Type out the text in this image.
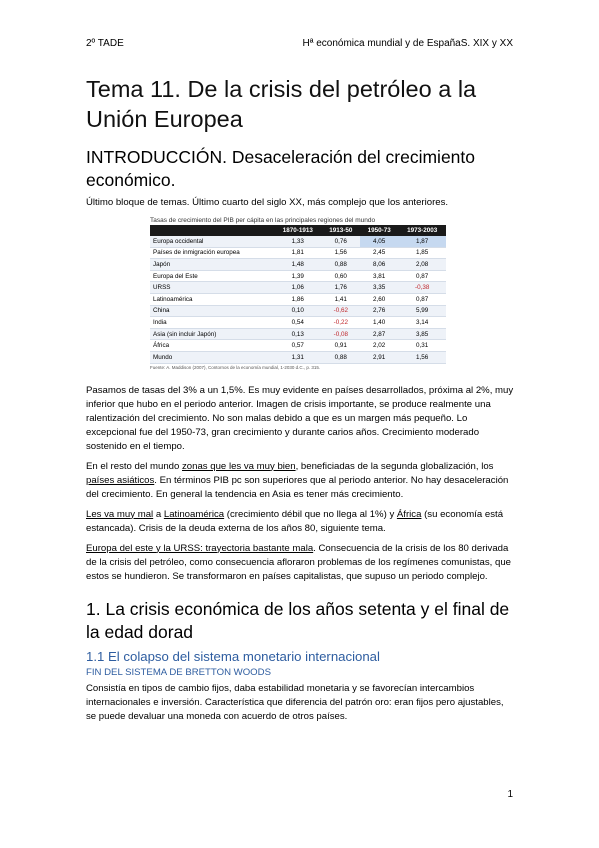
2º TADE	Hª económica mundial y de EspañaS. XIX y XX
Tema 11. De la crisis del petróleo a la Unión Europea
INTRODUCCIÓN. Desaceleración del crecimiento económico.

Último bloque de temas. Último cuarto del siglo XX, más complejo que los anteriores.

Tasas de crecimiento del PIB per cápita en las principales regiones del mundo
	1870-1913	1913-50	1950-73	1973-2003
Europa occidental	1,33	0,76	4,05	1,87
Países de inmigración europea	1,81	1,56	2,45	1,85
Japón	1,48	0,88	8,06	2,08
Europa del Este	1,39	0,60	3,81	0,87
URSS	1,06	1,76	3,35	-0,38
Latinoamérica	1,86	1,41	2,60	0,87
China	0,10	-0,62	2,76	5,99
India	0,54	-0,22	1,40	3,14
Asia (sin incluir Japón)	0,13	-0,08	2,87	3,85
África	0,57	0,91	2,02	0,31
Mundo	1,31	0,88	2,91	1,56
Fuente: A. Maddison (2007), Contornos de la economía mundial, 1-2030 d.C., p. 315.

Pasamos de tasas del 3% a un 1,5%. Es muy evidente en países desarrollados, próxima al 2%, muy inferior que hubo en el periodo anterior. Imagen de crisis importante, se produce realmente una ralentización del crecimiento. No son malas debido a que es un margen más pequeño. Lo excepcional fue del 1950-73, gran crecimiento y durante carios años. Crecimiento moderado sostenido en el tiempo.

En el resto del mundo zonas que les va muy bien, beneficiadas de la segunda globalización, los países asiáticos. En términos PIB pc son superiores que al periodo anterior. No hay desaceleración del crecimiento. En general la tendencia en Asia es tener más crecimiento.

Les va muy mal a Latinoamérica (crecimiento débil que no llega al 1%) y África (su economía está estancada). Crisis de la deuda externa de los años 80, siguiente tema.

Europa del este y la URSS: trayectoria bastante mala. Consecuencia de la crisis de los 80 derivada de la crisis del petróleo, como consecuencia afloraron problemas de los regímenes comunistas, que estos se hundieron. Se transformaron en países capitalistas, que supuso un periodo complejo.

1. La crisis económica de los años setenta y el final de la edad dorad
1.1 El colapso del sistema monetario internacional
FIN DEL SISTEMA DE BRETTON WOODS

Consistía en tipos de cambio fijos, daba estabilidad monetaria y se favorecían intercambios internacionales e inversión. Característica que diferencia del patrón oro: eran fijos pero ajustables, se puede devaluar una moneda con acuerdo de otros países.

1
